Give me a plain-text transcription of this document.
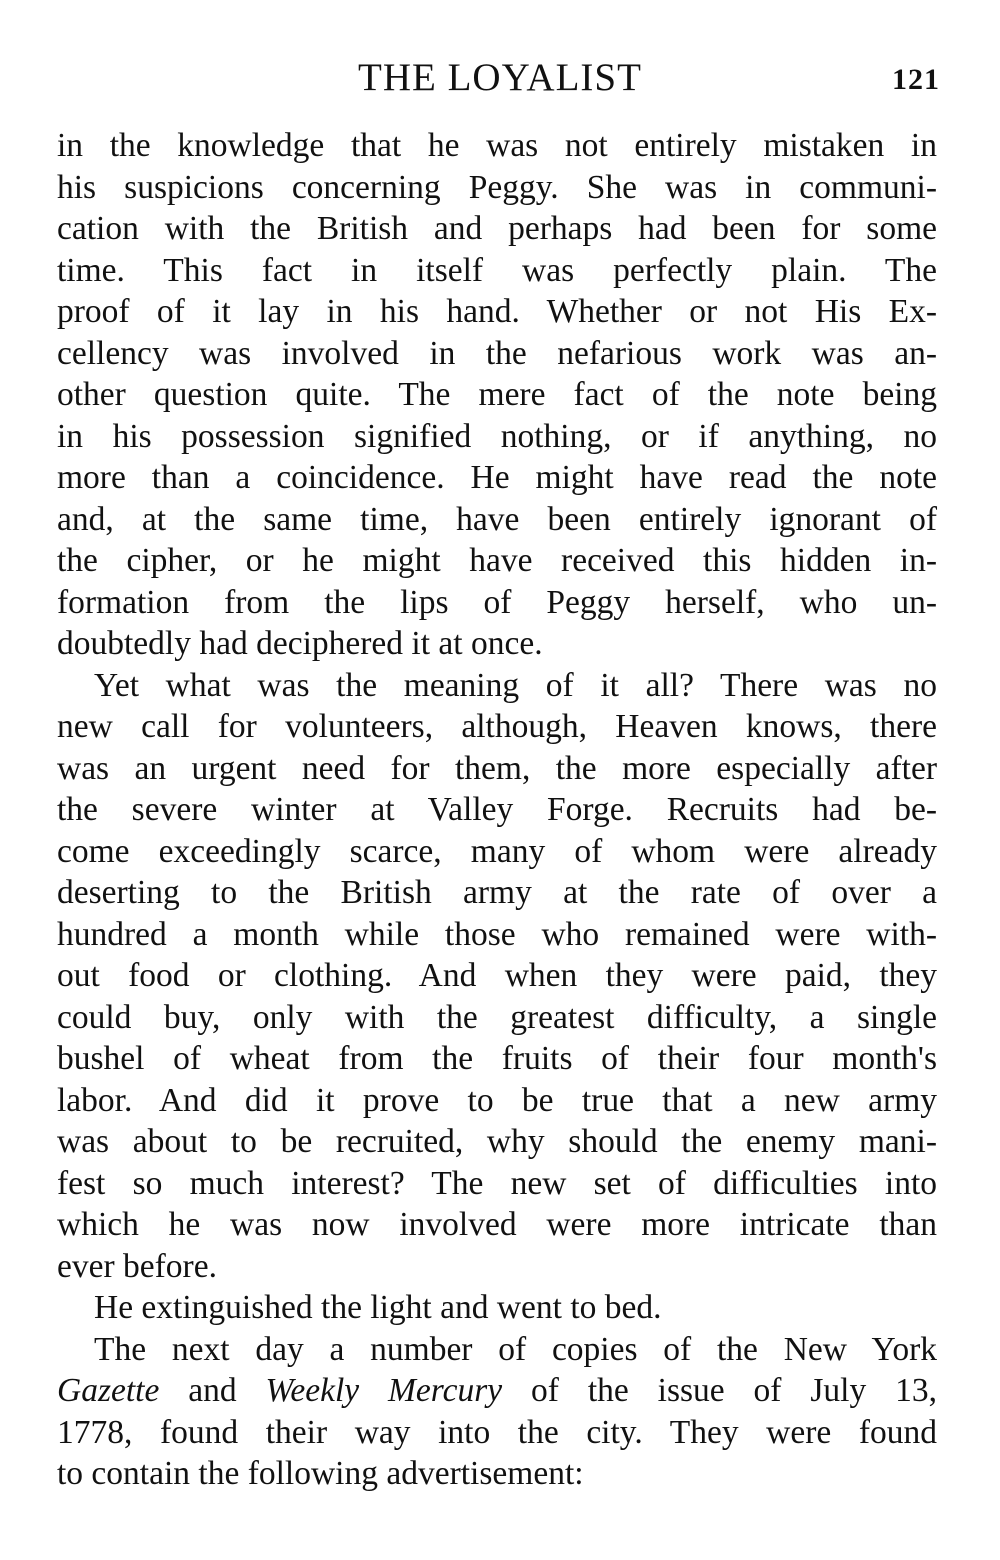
THE LOYALIST	121
in the knowledge that he was not entirely mistaken in
his suspicions concerning Peggy. She was in communi-
cation with the British and perhaps had been for some
time. This fact in itself was perfectly plain. The
proof of it lay in his hand. Whether or not His Ex-
cellency was involved in the nefarious work was an-
other question quite. The mere fact of the note being
in his possession signified nothing, or if anything, no
more than a coincidence. He might have read the note
and, at the same time, have been entirely ignorant of
the cipher, or he might have received this hidden in-
formation from the lips of Peggy herself, who un-
doubtedly had deciphered it at once.
Yet what was the meaning of it all? There was no
new call for volunteers, although, Heaven knows, there
was an urgent need for them, the more especially after
the severe winter at Valley Forge. Recruits had be-
come exceedingly scarce, many of whom were already
deserting to the British army at the rate of over a
hundred a month while those who remained were with-
out food or clothing. And when they were paid, they
could buy, only with the greatest difficulty, a single
bushel of wheat from the fruits of their four month's
labor. And did it prove to be true that a new army
was about to be recruited, why should the enemy mani-
fest so much interest? The new set of difficulties into
which he was now involved were more intricate than
ever before.
He extinguished the light and went to bed.
The next day a number of copies of the New York
Gazette and Weekly Mercury of the issue of July 13,
1778, found their way into the city. They were found
to contain the following advertisement:
